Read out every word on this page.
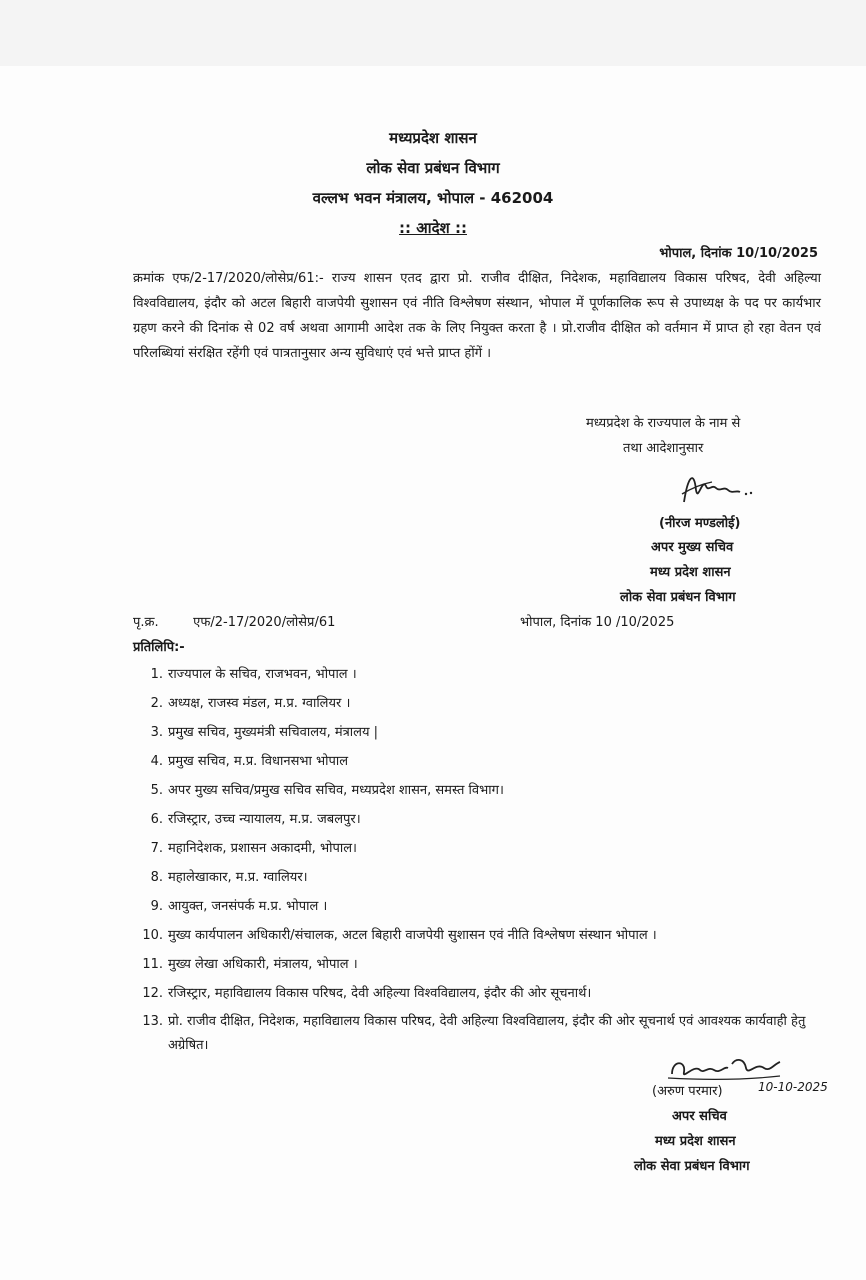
मध्यप्रदेश शासन
लोक सेवा प्रबंधन विभाग
वल्लभ भवन मंत्रालय, भोपाल - 462004
:: आदेश ::
भोपाल, दिनांक 10/10/2025

क्रमांक एफ/2-17/2020/लोसेप्र/61:- राज्य शासन एतद द्वारा प्रो. राजीव दीक्षित, निदेशक, महाविद्यालय विकास परिषद, देवी अहिल्या विश्वविद्यालय, इंदौर को अटल बिहारी वाजपेयी सुशासन एवं नीति विश्लेषण संस्थान, भोपाल में पूर्णकालिक रूप से उपाध्यक्ष के पद पर कार्यभार ग्रहण करने की दिनांक से 02 वर्ष अथवा आगामी आदेश तक के लिए नियुक्त करता है । प्रो.राजीव दीक्षित को वर्तमान में प्राप्त हो रहा वेतन एवं परिलब्धियां संरक्षित रहेंगी एवं पात्रतानुसार अन्य सुविधाएं एवं भत्ते प्राप्त होंगें ।

मध्यप्रदेश के राज्यपाल के नाम से
तथा आदेशानुसार
(नीरज मण्डलोई)
अपर मुख्य सचिव
मध्य प्रदेश शासन
लोक सेवा प्रबंधन विभाग
पृ.क्र.	एफ/2-17/2020/लोसेप्र/61	भोपाल, दिनांक 10 /10/2025
प्रतिलिपि:-
1. राज्यपाल के सचिव, राजभवन, भोपाल ।
2. अध्यक्ष, राजस्व मंडल, म.प्र. ग्वालियर ।
3. प्रमुख सचिव, मुख्यमंत्री सचिवालय, मंत्रालय |
4. प्रमुख सचिव, म.प्र. विधानसभा भोपाल
5. अपर मुख्य सचिव/प्रमुख सचिव सचिव, मध्यप्रदेश शासन, समस्त विभाग।
6. रजिस्ट्रार, उच्च न्यायालय, म.प्र. जबलपुर।
7. महानिदेशक, प्रशासन अकादमी, भोपाल।
8. महालेखाकार, म.प्र. ग्वालियर।
9. आयुक्त, जनसंपर्क म.प्र. भोपाल ।
10. मुख्य कार्यपालन अधिकारी/संचालक, अटल बिहारी वाजपेयी सुशासन एवं नीति विश्लेषण संस्थान भोपाल ।
11. मुख्य लेखा अधिकारी, मंत्रालय, भोपाल ।
12. रजिस्ट्रार, महाविद्यालय विकास परिषद, देवी अहिल्या विश्वविद्यालय, इंदौर की ओर सूचनार्थ।
13. प्रो. राजीव दीक्षित, निदेशक, महाविद्यालय विकास परिषद, देवी अहिल्या विश्वविद्यालय, इंदौर की ओर सूचनार्थ एवं आवश्यक कार्यवाही हेतु अग्रेषित।
(अरुण परमार)	10-10-2025
अपर सचिव
मध्य प्रदेश शासन
लोक सेवा प्रबंधन विभाग
